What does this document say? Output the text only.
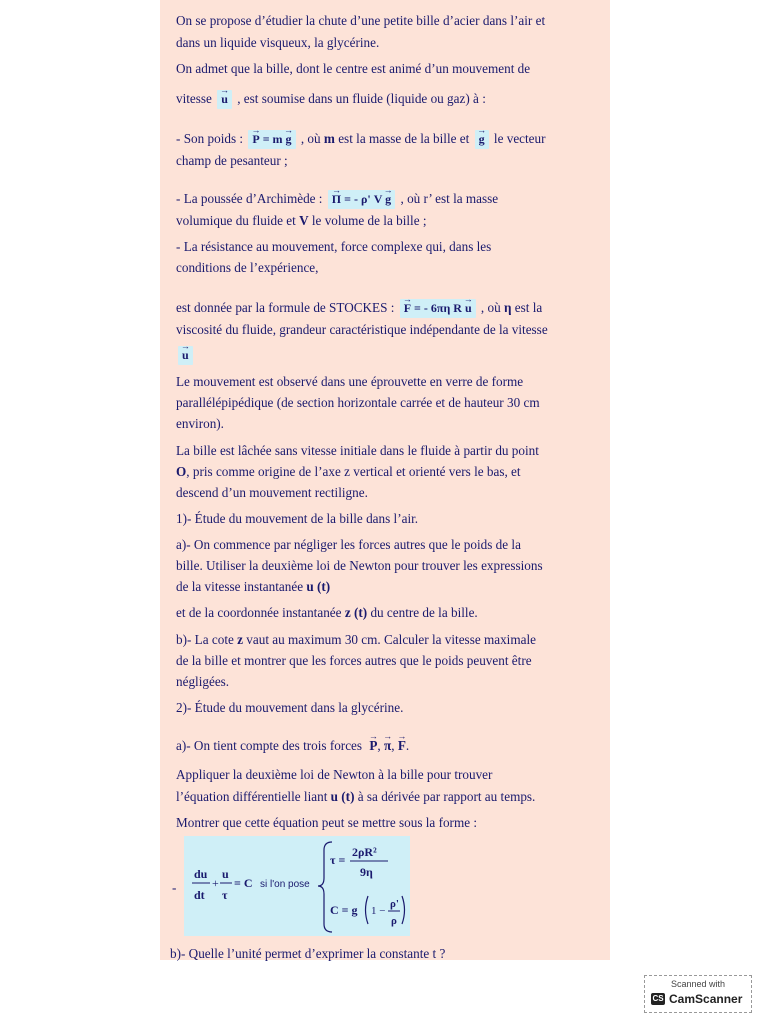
On se propose d’étudier la chute d’une petite bille d’acier dans l’air et
dans un liquide visqueux, la glycérine.
On admet que la bille, dont le centre est animé d’un mouvement de
vitesse → u , est soumise dans un fluide (liquide ou gaz) à :
- Son poids : → P = m → g , où m est la masse de la bille et → g le vecteur
champ de pesanteur ;
- La poussée d’Archimède : → Π = - ρ' V → g , où r’ est la masse
volumique du fluide et V le volume de la bille ;
- La résistance au mouvement, force complexe qui, dans les
conditions de l’expérience,
est donnée par la formule de STOCKES : → F = - 6πη R → u , où η est la
viscosité du fluide, grandeur caractéristique indépendante de la vitesse
→ u
Le mouvement est observé dans une éprouvette en verre de forme
parallélépipédique (de section horizontale carrée et de hauteur 30 cm
environ).
La bille est lâchée sans vitesse initiale dans le fluide à partir du point
O, pris comme origine de l’axe z vertical et orienté vers le bas, et
descend d’un mouvement rectiligne.
1)- Étude du mouvement de la bille dans l’air.
a)- On commence par négliger les forces autres que le poids de la
bille. Utiliser la deuxième loi de Newton pour trouver les expressions
de la vitesse instantanée u (t)
et de la coordonnée instantanée z (t) du centre de la bille.
b)- La cote z vaut au maximum 30 cm. Calculer la vitesse maximale
de la bille et montrer que les forces autres que le poids peuvent être
négligées.
2)- Étude du mouvement dans la glycérine.
a)- On tient compte des trois forces → P, → π, → F.
Appliquer la deuxième loi de Newton à la bille pour trouver
l’équation différentielle liant u (t) à sa dérivée par rapport au temps.
Montrer que cette équation peut se mettre sous la forme :
-
du
dt
+
u
τ
= C si l'on pose
τ =
2ρR²
9η
C = g 1 −
ρ'
ρ
b)- Quelle l’unité permet d’exprimer la constante t ?
Scanned with
CS CamScanner
